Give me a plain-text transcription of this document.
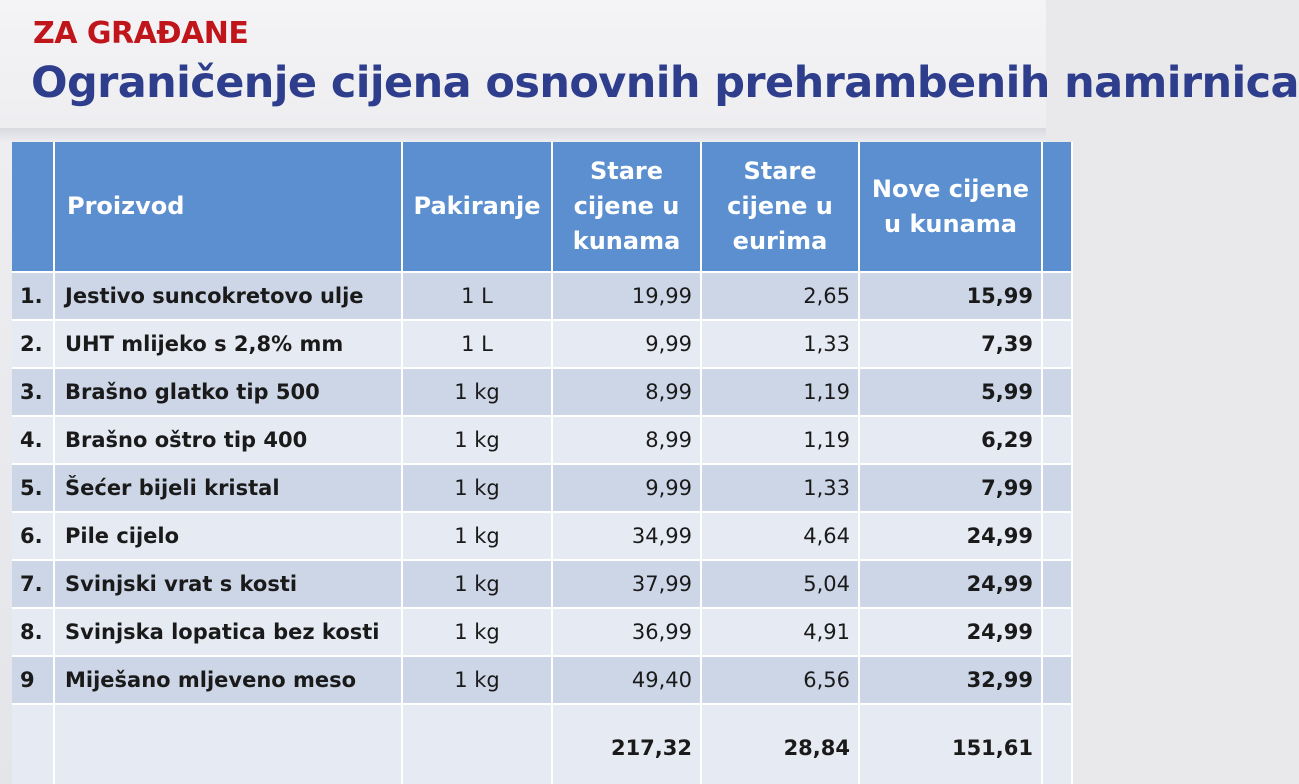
ZA GRAĐANE
Ograničenje cijena osnovnih prehrambenih namirnica
	Proizvod	Pakiranje	Stare cijene u kunama	Stare cijene u eurima	Nove cijene u kunama	
1.	Jestivo suncokretovo ulje	1 L	19,99	2,65	15,99	
2.	UHT mlijeko s 2,8% mm	1 L	9,99	1,33	7,39	
3.	Brašno glatko tip 500	1 kg	8,99	1,19	5,99	
4.	Brašno oštro tip 400	1 kg	8,99	1,19	6,29	
5.	Šećer bijeli kristal	1 kg	9,99	1,33	7,99	
6.	Pile cijelo	1 kg	34,99	4,64	24,99	
7.	Svinjski vrat s kosti	1 kg	37,99	5,04	24,99	
8.	Svinjska lopatica bez kosti	1 kg	36,99	4,91	24,99	
9	Miješano mljeveno meso	1 kg	49,40	6,56	32,99	
			217,32	28,84	151,61	
